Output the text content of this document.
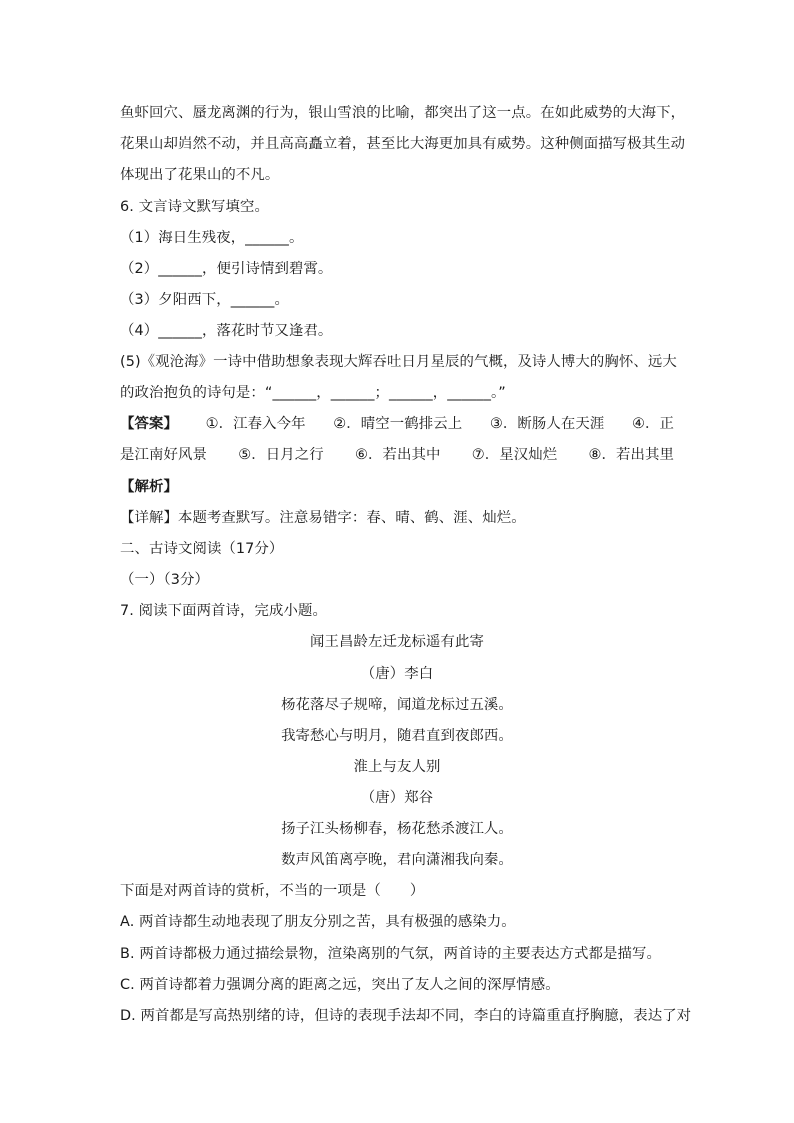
鱼虾回穴、蜃龙离渊的行为，银山雪浪的比喻，都突出了这一点。在如此威势的大海下，
花果山却岿然不动，并且高高矗立着，甚至比大海更加具有威势。这种侧面描写极其生动
体现出了花果山的不凡。
6. 文言诗文默写填空。
（1）海日生残夜，______。
（2）______，便引诗情到碧霄。
（3）夕阳西下，______。
（4）______，落花时节又逢君。
(5)《观沧海》一诗中借助想象表现大辉吞吐日月星辰的气概，及诗人博大的胸怀、远大
的政治抱负的诗句是：“______，______；______，______。”
【答案】 ①．江春入今年 ②．晴空一鹤排云上 ③．断肠人在天涯 ④．正
是江南好风景 ⑤．日月之行 ⑥．若出其中 ⑦．星汉灿烂 ⑧．若出其里
【解析】
【详解】本题考查默写。注意易错字：春、晴、鹤、涯、灿烂。
二、古诗文阅读（17分）
（一）（3分）
7. 阅读下面两首诗，完成小题。
闻王昌龄左迁龙标遥有此寄
（唐）李白
杨花落尽子规啼，闻道龙标过五溪。
我寄愁心与明月，随君直到夜郎西。
淮上与友人别
（唐）郑谷
扬子江头杨柳春，杨花愁杀渡江人。
数声风笛离亭晚，君向潇湘我向秦。
下面是对两首诗的赏析，不当的一项是（　　）
A. 两首诗都生动地表现了朋友分别之苦，具有极强的感染力。
B. 两首诗都极力通过描绘景物，渲染离别的气氛，两首诗的主要表达方式都是描写。
C. 两首诗都着力强调分离的距离之远，突出了友人之间的深厚情感。
D. 两首都是写高热别绪的诗，但诗的表现手法却不同，李白的诗篇重直抒胸臆，表达了对
